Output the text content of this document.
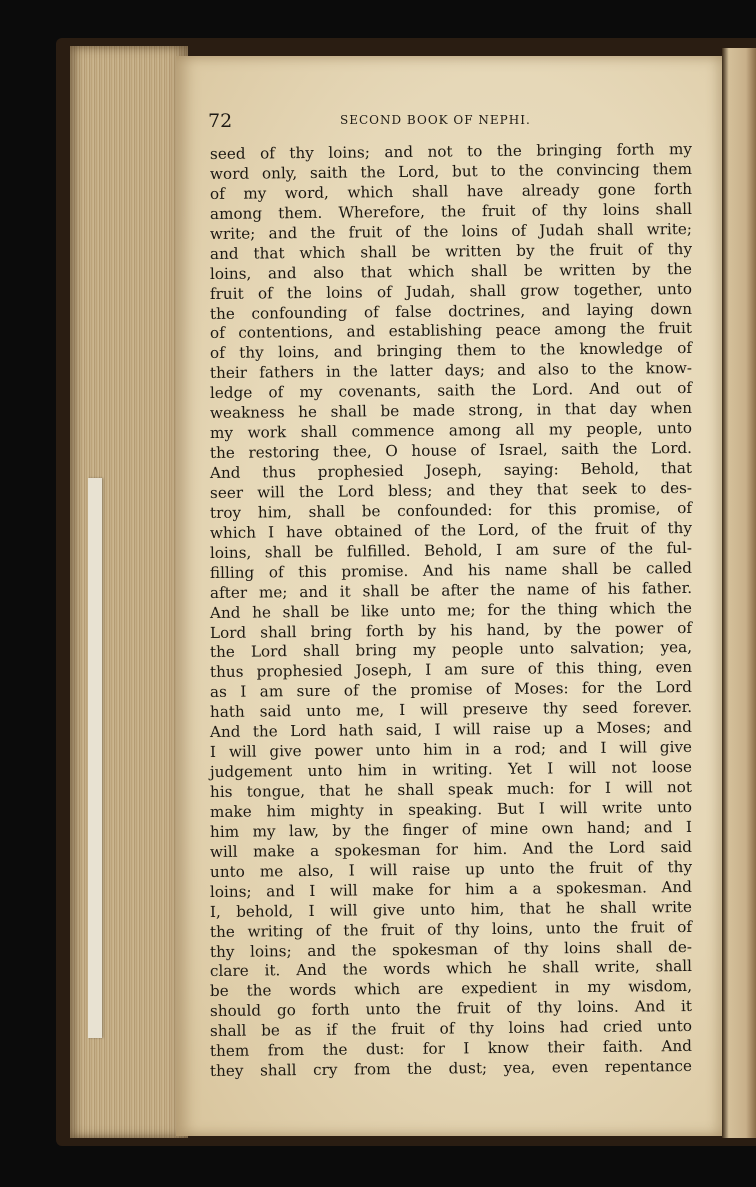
72	SECOND BOOK OF NEPHI.
seed of thy loins; and not to the bringing forth my
word only, saith the Lord, but to the convincing them
of my word, which shall have already gone forth
among them. Wherefore, the fruit of thy loins shall
write; and the fruit of the loins of Judah shall write;
and that which shall be written by the fruit of thy
loins, and also that which shall be written by the
fruit of the loins of Judah, shall grow together, unto
the confounding of false doctrines, and laying down
of contentions, and establishing peace among the fruit
of thy loins, and bringing them to the knowledge of
their fathers in the latter days; and also to the know-
ledge of my covenants, saith the Lord. And out of
weakness he shall be made strong, in that day when
my work shall commence among all my people, unto
the restoring thee, O house of Israel, saith the Lord.
And thus prophesied Joseph, saying: Behold, that
seer will the Lord bless; and they that seek to des-
troy him, shall be confounded: for this promise, of
which I have obtained of the Lord, of the fruit of thy
loins, shall be fulfilled. Behold, I am sure of the ful-
filling of this promise. And his name shall be called
after me; and it shall be after the name of his father.
And he shall be like unto me; for the thing which the
Lord shall bring forth by his hand, by the power of
the Lord shall bring my people unto salvation; yea,
thus prophesied Joseph, I am sure of this thing, even
as I am sure of the promise of Moses: for the Lord
hath said unto me, I will preseıve thy seed forever.
And the Lord hath said, I will raise up a Moses; and
I will give power unto him in a rod; and I will give
judgement unto him in writing. Yet I will not loose
his tongue, that he shall speak much: for I will not
make him mighty in speaking. But I will write unto
him my law, by the finger of mine own hand; and I
will make a spokesman for him. And the Lord said
unto me also, I will raise up unto the fruit of thy
loins; and I will make for him a a spokesman. And
I, behold, I will give unto him, that he shall write
the writing of the fruit of thy loins, unto the fruit of
thy loins; and the spokesman of thy loins shall de-
clare it. And the words which he shall write, shall
be the words which are expedient in my wisdom,
should go forth unto the fruit of thy loins. And it
shall be as if the fruit of thy loins had cried unto
them from the dust: for I know their faith. And
they shall cry from the dust; yea, even repentance
